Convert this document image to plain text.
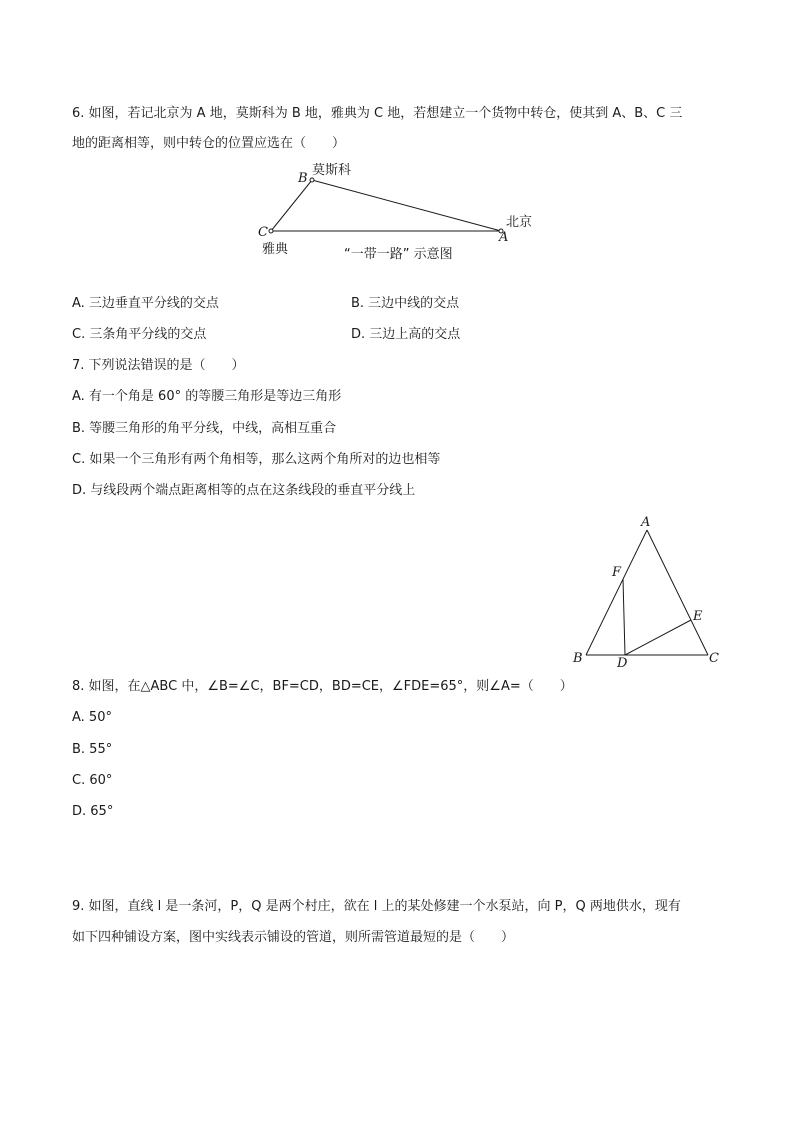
6. 如图，若记北京为 A 地，莫斯科为 B 地，雅典为 C 地，若想建立一个货物中转仓，使其到 A、B、C 三
地的距离相等，则中转仓的位置应选在（　　）
B
C	A
莫斯科
北京
雅典	“一带一路” 示意图
A. 三边垂直平分线的交点	B. 三边中线的交点
C. 三条角平分线的交点	D. 三边上高的交点
7. 下列说法错误的是（　　）
A. 有一个角是 60° 的等腰三角形是等边三角形
B. 等腰三角形的角平分线，中线，高相互重合
C. 如果一个三角形有两个角相等，那么这两个角所对的边也相等
D. 与线段两个端点距离相等的点在这条线段的垂直平分线上
A
F
E
B	D	C
8. 如图，在△ABC 中，∠B=∠C，BF=CD，BD=CE，∠FDE=65°，则∠A=（　　）
A. 50°
B. 55°
C. 60°
D. 65°
9. 如图，直线 l 是一条河，P，Q 是两个村庄，欲在 l 上的某处修建一个水泵站，向 P，Q 两地供水，现有
如下四种铺设方案，图中实线表示铺设的管道，则所需管道最短的是（　　）
